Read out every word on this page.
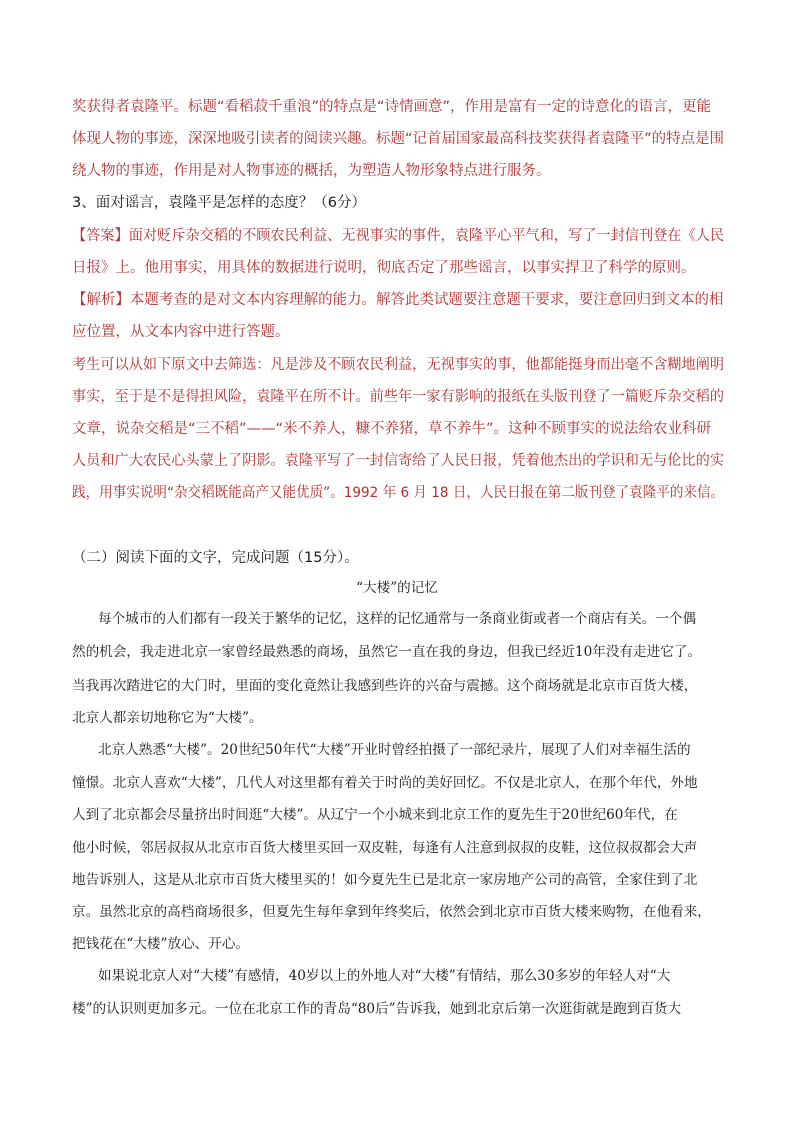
奖获得者袁隆平。标题“看稻菽千重浪”的特点是“诗情画意”，作用是富有一定的诗意化的语言，更能
体现人物的事迹，深深地吸引读者的阅读兴趣。标题“记首届国家最高科技奖获得者袁隆平”的特点是围
绕人物的事迹，作用是对人物事迹的概括，为塑造人物形象特点进行服务。
3、面对谣言，袁隆平是怎样的态度？（6分）
【答案】面对贬斥杂交稻的不顾农民利益、无视事实的事件，袁隆平心平气和，写了一封信刊登在《人民
日报》上。他用事实，用具体的数据进行说明，彻底否定了那些谣言，以事实捍卫了科学的原则。
【解析】本题考查的是对文本内容理解的能力。解答此类试题要注意题干要求，要注意回归到文本的相
应位置，从文本内容中进行答题。
考生可以从如下原文中去筛选：凡是涉及不顾农民利益，无视事实的事，他都能挺身而出毫不含糊地阐明
事实，至于是不是得担风险，袁隆平在所不计。前些年一家有影响的报纸在头版刊登了一篇贬斥杂交稻的
文章，说杂交稻是“三不稻”——“米不养人，糠不养猪，草不养牛”。这种不顾事实的说法给农业科研
人员和广大农民心头蒙上了阴影。袁隆平写了一封信寄给了人民日报，凭着他杰出的学识和无与伦比的实
践，用事实说明“杂交稻既能高产又能优质”。1992 年 6 月 18 日，人民日报在第二版刊登了袁隆平的来信。
（二）阅读下面的文字，完成问题（15分）。
“大楼”的记忆
每个城市的人们都有一段关于繁华的记忆，这样的记忆通常与一条商业街或者一个商店有关。一个偶
然的机会，我走进北京一家曾经最熟悉的商场，虽然它一直在我的身边，但我已经近10年没有走进它了。
当我再次踏进它的大门时，里面的变化竟然让我感到些许的兴奋与震撼。这个商场就是北京市百货大楼，
北京人都亲切地称它为“大楼”。
北京人熟悉“大楼”。20世纪50年代“大楼”开业时曾经拍摄了一部纪录片，展现了人们对幸福生活的
憧憬。北京人喜欢“大楼”，几代人对这里都有着关于时尚的美好回忆。不仅是北京人，在那个年代，外地
人到了北京都会尽量挤出时间逛“大楼”。从辽宁一个小城来到北京工作的夏先生于20世纪60年代，在
他小时候，邻居叔叔从北京市百货大楼里买回一双皮鞋，每逢有人注意到叔叔的皮鞋，这位叔叔都会大声
地告诉别人，这是从北京市百货大楼里买的！如今夏先生已是北京一家房地产公司的高管，全家住到了北
京。虽然北京的高档商场很多，但夏先生每年拿到年终奖后，依然会到北京市百货大楼来购物，在他看来，
把钱花在“大楼”放心、开心。
如果说北京人对“大楼”有感情，40岁以上的外地人对“大楼”有情结，那么30多岁的年轻人对“大
楼”的认识则更加多元。一位在北京工作的青岛“80后”告诉我，她到北京后第一次逛街就是跑到百货大
